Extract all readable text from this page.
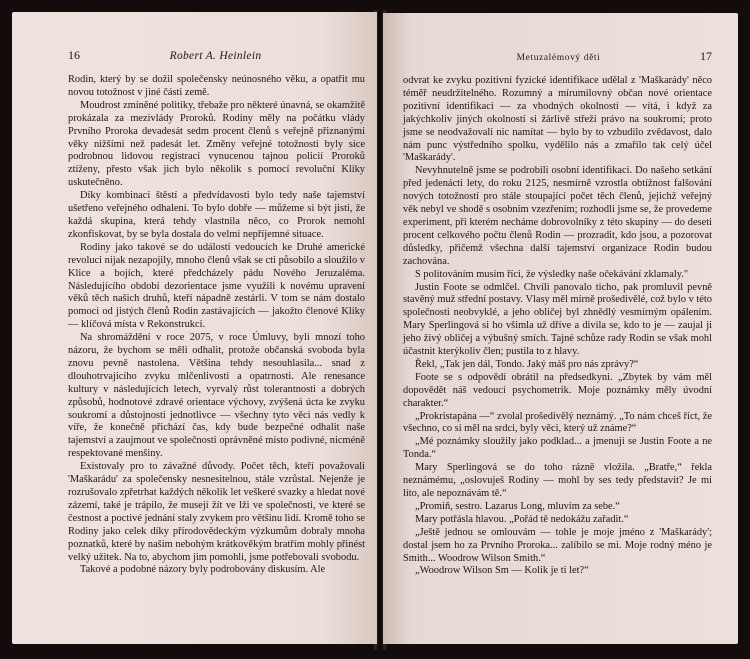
16	Robert A. Heinlein

Rodin, který by se dožil společensky neúnosného věku, a opatřit mu novou totožnost v jiné části země.

Moudrost zmíněné politiky, třebaže pro některé únavná, se okamžitě prokázala za mezivlády Proroků. Rodiny měly na počátku vlády Prvního Proroka devadesát sedm procent členů s veřejně přiznanými věky nižšími než padesát let. Změny veřejné totožnosti byly sice podrobnou lidovou registrací vynucenou tajnou policií Proroků ztíženy, přesto však jich bylo několik s pomocí revoluční Kliky uskutečněno.

Díky kombinaci štěstí a předvídavosti bylo tedy naše tajemství ušetřeno veřejného odhalení. To bylo dobře — můžeme si být jisti, že každá skupina, která tehdy vlastnila něco, co Prorok nemohl zkonfiskovat, by se byla dostala do velmi nepříjemné situace.

Rodiny jako takové se do událostí vedoucích ke Druhé americké revoluci nijak nezapojily, mnoho členů však se cti působilo a sloužilo v Klice a bojích, které předcházely pádu Nového Jeruzaléma. Následujícího období dezorientace jsme využili k novému upravení věků těch našich druhů, kteří nápadně zestárli. V tom se nám dostalo pomoci od jistých členů Rodin zastávajících — jakožto členové Kliky — klíčová místa v Rekonstrukci.

Na shromáždění v roce 2075, v roce Úmluvy, byli mnozí toho názoru, že bychom se měli odhalit, protože občanská svoboda byla znovu pevně nastolena. Většina tehdy nesouhlasila... snad z dlouhotrvajícího zvyku mlčenlivosti a opatrnosti. Ale renesance kultury v následujících letech, vyrvalý růst tolerantnosti a dobrých způsobů, hodnotové zdravé orientace výchovy, zvýšená úcta ke zvyku soukromí a důstojnosti jednotlivce — všechny tyto věci nás vedly k víře, že konečně přichází čas, kdy bude bezpečné odhalit naše tajemství a zaujmout ve společnosti oprávněné místo podivné, nicméně respektované menšiny.

Existovaly pro to závažné důvody. Počet těch, kteří považovali 'Maškarádu' za společensky nesnesitelnou, stále vzrůstal. Nejenže je rozrušovalo zpřetrhat každých několik let veškeré svazky a hledat nové zázemí, také je trápilo, že musejí žít ve lži ve společnosti, ve které se čestnost a poctivé jednání staly zvykem pro většinu lidí. Kromě toho se Rodiny jako celek díky přírodovědeckým výzkumům dobraly mnoha poznatků, které by našim nebohým krátkověkým bratřím mohly přinést velký užitek. Na to, abychom jim pomohli, jsme potřebovali svobodu.

Takové a podobné názory byly podrobovány diskusím. Ale

Metuzalémový děti	17

odvrat ke zvyku pozitivní fyzické identifikace udělal z 'Maškarády' něco téměř neudržitelného. Rozumný a mírumilovný občan nové orientace pozitivní identifikaci — za vhodných okolností — vítá, i když za jakýchkoliv jiných okolností si žárlivě střeží právo na soukromí; proto jsme se neodvažovali nic namítat — bylo by to vzbudilo zvědavost, dalo nám punc výstředního spolku, vydělilo nás a zmařilo tak celý účel 'Maškarády'.

Nevyhnutelně jsme se podrobili osobní identifikaci. Do našeho setkání před jedenácti lety, do roku 2125, nesmírně vzrostla obtížnost falšování nových totožností pro stále stoupající počet těch členů, jejichž veřejný věk nebyl ve shodě s osobním vzezřením; rozhodli jsme se, že provedeme experiment, při kterém necháme dobrovolníky z této skupiny — do deseti procent celkového počtu členů Rodin — prozradit, kdo jsou, a pozorovat důsledky, přičemž všechna další tajemství organizace Rodin budou zachována.

S politováním musím říci, že výsledky naše očekávání zklamaly."

Justin Foote se odmlčel. Chvíli panovalo ticho, pak promluvil pevně stavěný muž střední postavy. Vlasy měl mírně prošedivělé, což bylo v této společnosti neobvyklé, a jeho obličej byl zhnědlý vesmírným opálením. Mary Sperlingová si ho všimla už dříve a divila se, kdo to je — zaujal ji jeho živý obličej a výbušný smích. Tajné schůze rady Rodin se však mohl účastnit kterýkoliv člen; pustila to z hlavy.

Řekl, „Tak jen dál, Tondo. Jaký máš pro nás zprávy?“

Foote se s odpovědí obrátil na předsedkyni. „Zbytek by vám měl dopovědět náš vedoucí psychometrik. Moje poznámky měly úvodní charakter.“

„Prokristapána —“ zvolal prošedivělý neznámý. „To nám chceš říct, že všechno, co si měl na srdci, byly věci, který už známe?“

„Mé poznámky sloužily jako podklad... a jmenuji se Justin Foote a ne Tonda.“

Mary Sperlingová se do toho rázně vložila. „Bratře,“ řekla neznámému, „oslovuješ Rodiny — mohl by ses tedy představit? Je mi líto, ale nepoznávám tě.“

„Promiň, sestro. Lazarus Long, mluvím za sebe.“

Mary potřásla hlavou. „Pořád tě nedokážu zařadit.“

„Ještě jednou se omlouvám — tohle je moje jméno z 'Maškarády'; dostal jsem ho za Prvního Proroka... zalíbilo se mi. Moje rodný méno je Smith... Woodrow Wilson Smith.“

„Woodrow Wilson Sm — Kolik je ti let?“
